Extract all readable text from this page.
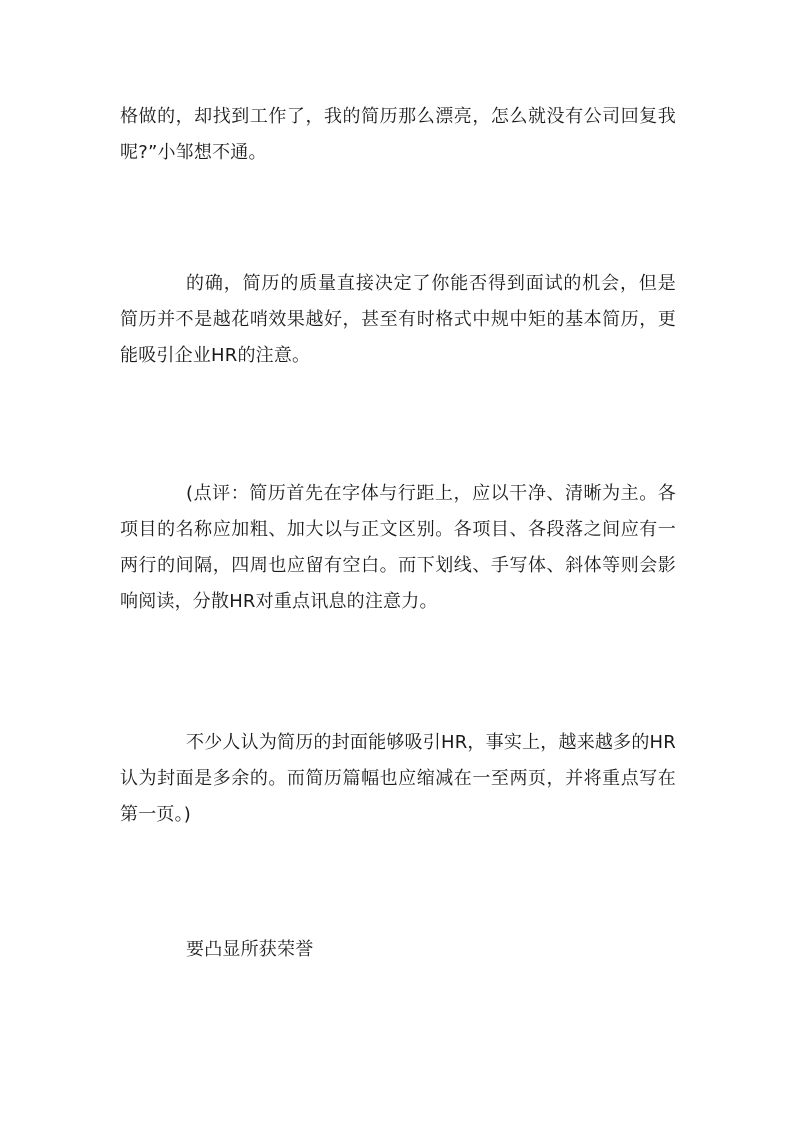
格做的，却找到工作了，我的简历那么漂亮，怎么就没有公司回复我呢?”小邹想不通。

的确，简历的质量直接决定了你能否得到面试的机会，但是简历并不是越花哨效果越好，甚至有时格式中规中矩的基本简历，更能吸引企业HR的注意。

(点评：简历首先在字体与行距上，应以干净、清晰为主。各项目的名称应加粗、加大以与正文区别。各项目、各段落之间应有一两行的间隔，四周也应留有空白。而下划线、手写体、斜体等则会影响阅读，分散HR对重点讯息的注意力。

不少人认为简历的封面能够吸引HR，事实上，越来越多的HR认为封面是多余的。而简历篇幅也应缩减在一至两页，并将重点写在第一页。)

要凸显所获荣誉
